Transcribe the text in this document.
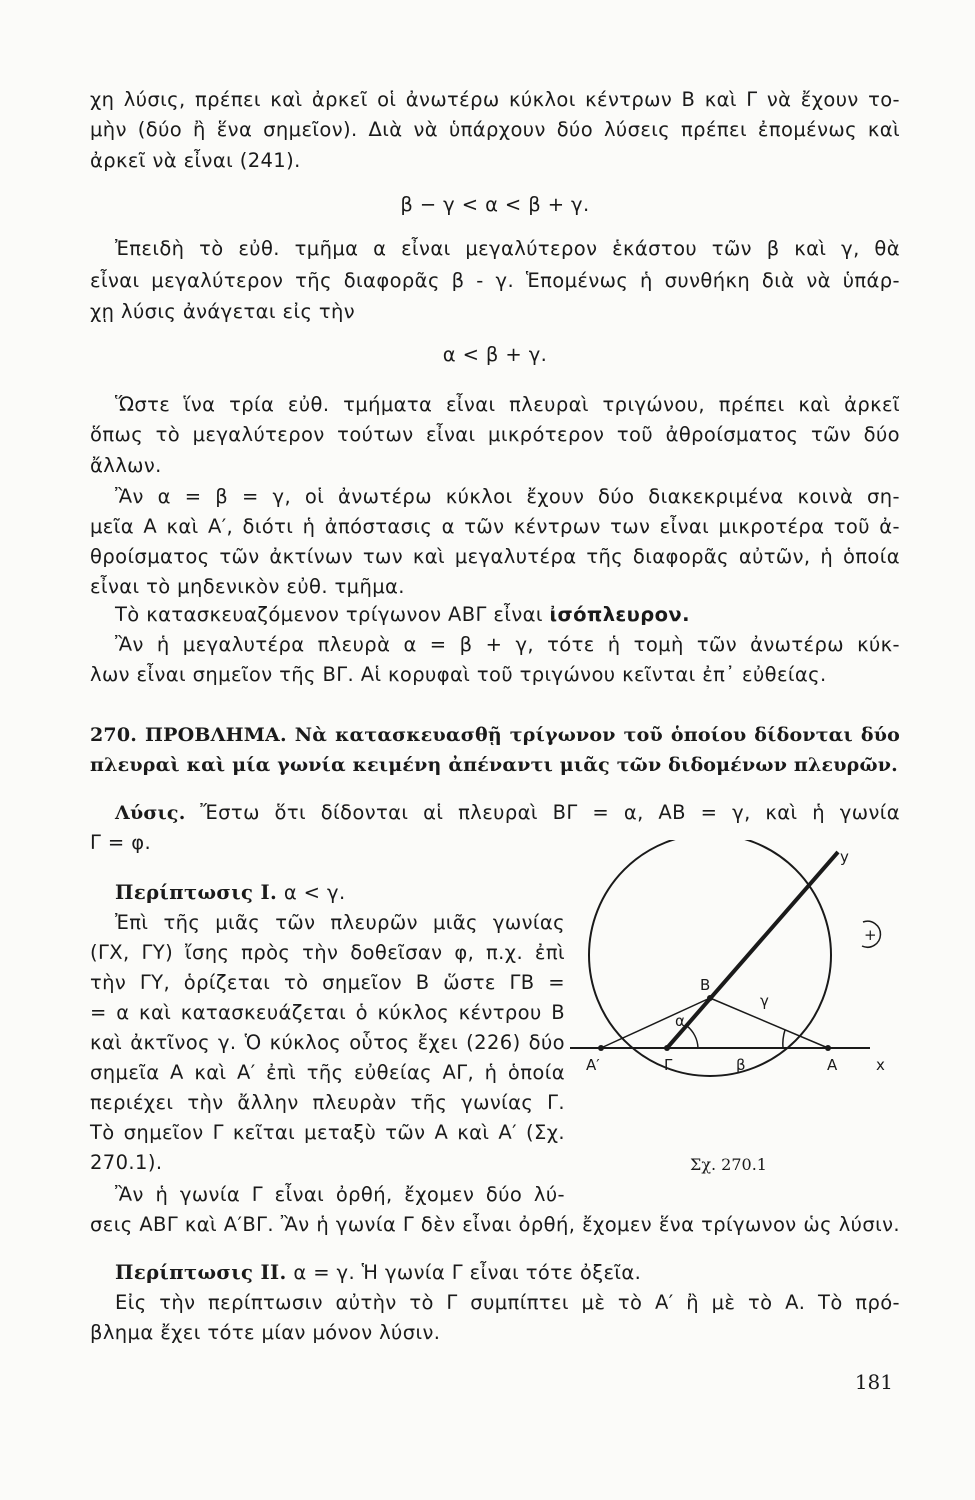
χη λύσις, πρέπει καὶ ἀρκεῖ οἱ ἀνωτέρω κύκλοι κέντρων Β καὶ Γ νὰ ἔχουν το-
μὴν (δύο ἢ ἕνα σημεῖον). Διὰ νὰ ὑπάρχουν δύο λύσεις πρέπει ἐπομένως καὶ
ἀρκεῖ νὰ εἶναι (241).
β − γ < α < β + γ.
Ἐπειδὴ τὸ εὐθ. τμῆμα α εἶναι μεγαλύτερον ἑκάστου τῶν β καὶ γ, θὰ
εἶναι μεγαλύτερον τῆς διαφορᾶς β - γ. Ἑπομένως ἡ συνθήκη διὰ νὰ ὑπάρ-
χῃ λύσις ἀνάγεται εἰς τὴν
α < β + γ.
Ὥστε ἵνα τρία εὐθ. τμήματα εἶναι πλευραὶ τριγώνου, πρέπει καὶ ἀρκεῖ
ὅπως τὸ μεγαλύτερον τούτων εἶναι μικρότερον τοῦ ἀθροίσματος τῶν δύο
ἄλλων.
Ἂν α = β = γ, οἱ ἀνωτέρω κύκλοι ἔχουν δύο διακεκριμένα κοινὰ ση-
μεῖα Α καὶ Α′, διότι ἡ ἀπόστασις α τῶν κέντρων των εἶναι μικροτέρα τοῦ ἀ-
θροίσματος τῶν ἀκτίνων των καὶ μεγαλυτέρα τῆς διαφορᾶς αὐτῶν, ἡ ὁποία
εἶναι τὸ μηδενικὸν εὐθ. τμῆμα.
Τὸ κατασκευαζόμενον τρίγωνον ΑΒΓ εἶναι ἰσόπλευρον.
Ἂν ἡ μεγαλυτέρα πλευρὰ α = β + γ, τότε ἡ τομὴ τῶν ἀνωτέρω κύκ-
λων εἶναι σημεῖον τῆς ΒΓ. Αἱ κορυφαὶ τοῦ τριγώνου κεῖνται ἐπ᾿ εὐθείας.
270. ΠΡΟΒΛΗΜΑ. Νὰ κατασκευασθῇ τρίγωνον τοῦ ὁποίου δίδονται δύο
πλευραὶ καὶ μία γωνία κειμένη ἀπέναντι μιᾶς τῶν διδομένων πλευρῶν.
Λύσις. Ἔστω ὅτι δίδονται αἱ πλευραὶ ΒΓ = α, ΑΒ = γ, καὶ ἡ γωνία
Γ = φ.
Περίπτωσις Ι. α < γ.
Ἐπὶ τῆς μιᾶς τῶν πλευρῶν μιᾶς γωνίας
(ΓΧ, ΓΥ) ἴσης πρὸς τὴν δοθεῖσαν φ, π.χ. ἐπὶ
τὴν ΓΥ, ὁρίζεται τὸ σημεῖον Β ὥστε ΓΒ =
= α καὶ κατασκευάζεται ὁ κύκλος κέντρου Β
καὶ ἀκτῖνος γ. Ὁ κύκλος οὗτος ἔχει (226) δύο
σημεῖα Α καὶ Α′ ἐπὶ τῆς εὐθείας ΑΓ, ἡ ὁποία
περιέχει τὴν ἄλλην πλευρὰν τῆς γωνίας Γ.
Τὸ σημεῖον Γ κεῖται μεταξὺ τῶν Α καὶ Α′ (Σχ.
270.1).
Ἂν ἡ γωνία Γ εἶναι ὀρθή, ἔχομεν δύο λύ-
σεις ΑΒΓ καὶ Α′ΒΓ. Ἂν ἡ γωνία Γ δὲν εἶναι ὀρθή, ἔχομεν ἕνα τρίγωνον ὡς λύσιν.
Περίπτωσις ΙΙ. α = γ. Ἡ γωνία Γ εἶναι τότε ὀξεῖα.
Εἰς τὴν περίπτωσιν αὐτὴν τὸ Γ συμπίπτει μὲ τὸ Α′ ἢ μὲ τὸ Α. Τὸ πρό-
βλημα ἔχει τότε μίαν μόνον λύσιν.
y
+
Β
α
γ
Α′	Γ	β	Α	x
Σχ. 270.1
181
